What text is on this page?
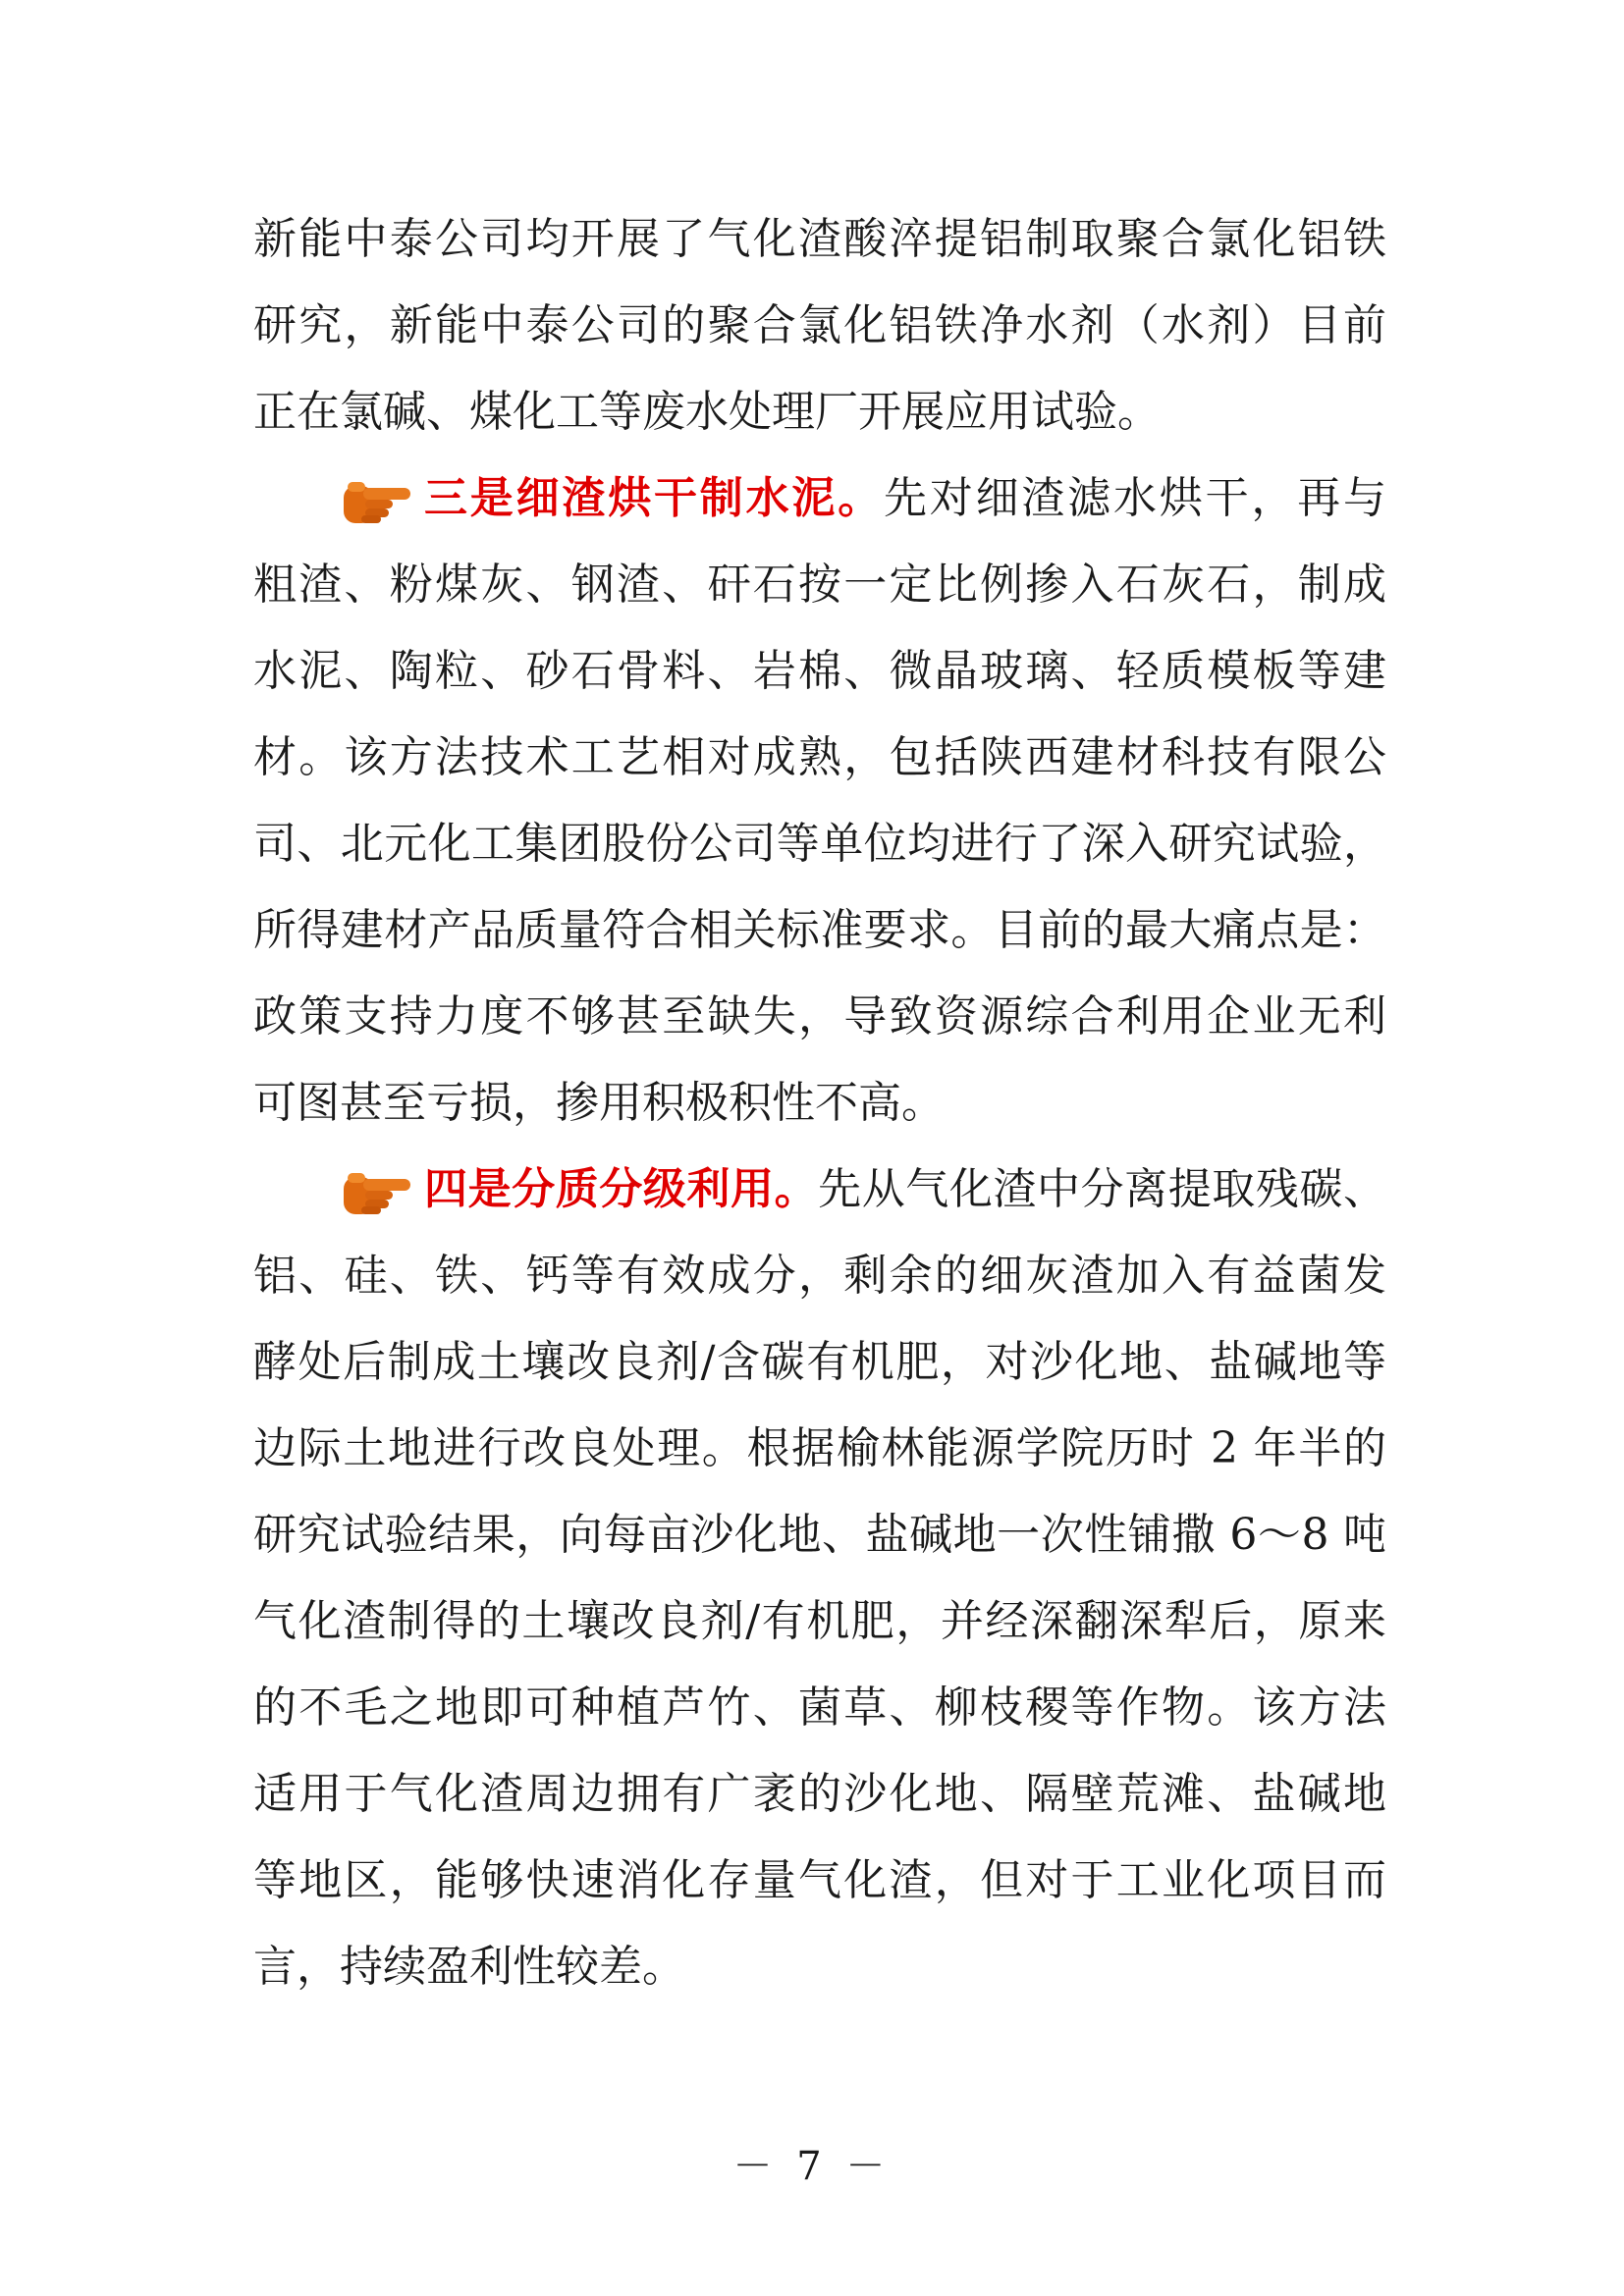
新能中泰公司均开展了气化渣酸淬提铝制取聚合氯化铝铁
研究，新能中泰公司的聚合氯化铝铁净水剂（水剂）目前
正在氯碱、煤化工等废水处理厂开展应用试验。
三是细渣烘干制水泥。先对细渣滤水烘干，再与
粗渣、粉煤灰、钢渣、矸石按一定比例掺入石灰石，制成
水泥、陶粒、砂石骨料、岩棉、微晶玻璃、轻质模板等建
材。该方法技术工艺相对成熟，包括陕西建材科技有限公
司、北元化工集团股份公司等单位均进行了深入研究试验，
所得建材产品质量符合相关标准要求。目前的最大痛点是：
政策支持力度不够甚至缺失，导致资源综合利用企业无利
可图甚至亏损，掺用积极积性不高。
四是分质分级利用。先从气化渣中分离提取残碳、
铝、硅、铁、钙等有效成分，剩余的细灰渣加入有益菌发
酵处后制成土壤改良剂/含碳有机肥，对沙化地、盐碱地等
边际土地进行改良处理。根据榆林能源学院历时 2 年半的
研究试验结果，向每亩沙化地、盐碱地一次性铺撒 6～8 吨
气化渣制得的土壤改良剂/有机肥，并经深翻深犁后，原来
的不毛之地即可种植芦竹、菌草、柳枝稷等作物。该方法
适用于气化渣周边拥有广袤的沙化地、隔壁荒滩、盐碱地
等地区，能够快速消化存量气化渣，但对于工业化项目而
言，持续盈利性较差。
－ 7 －
